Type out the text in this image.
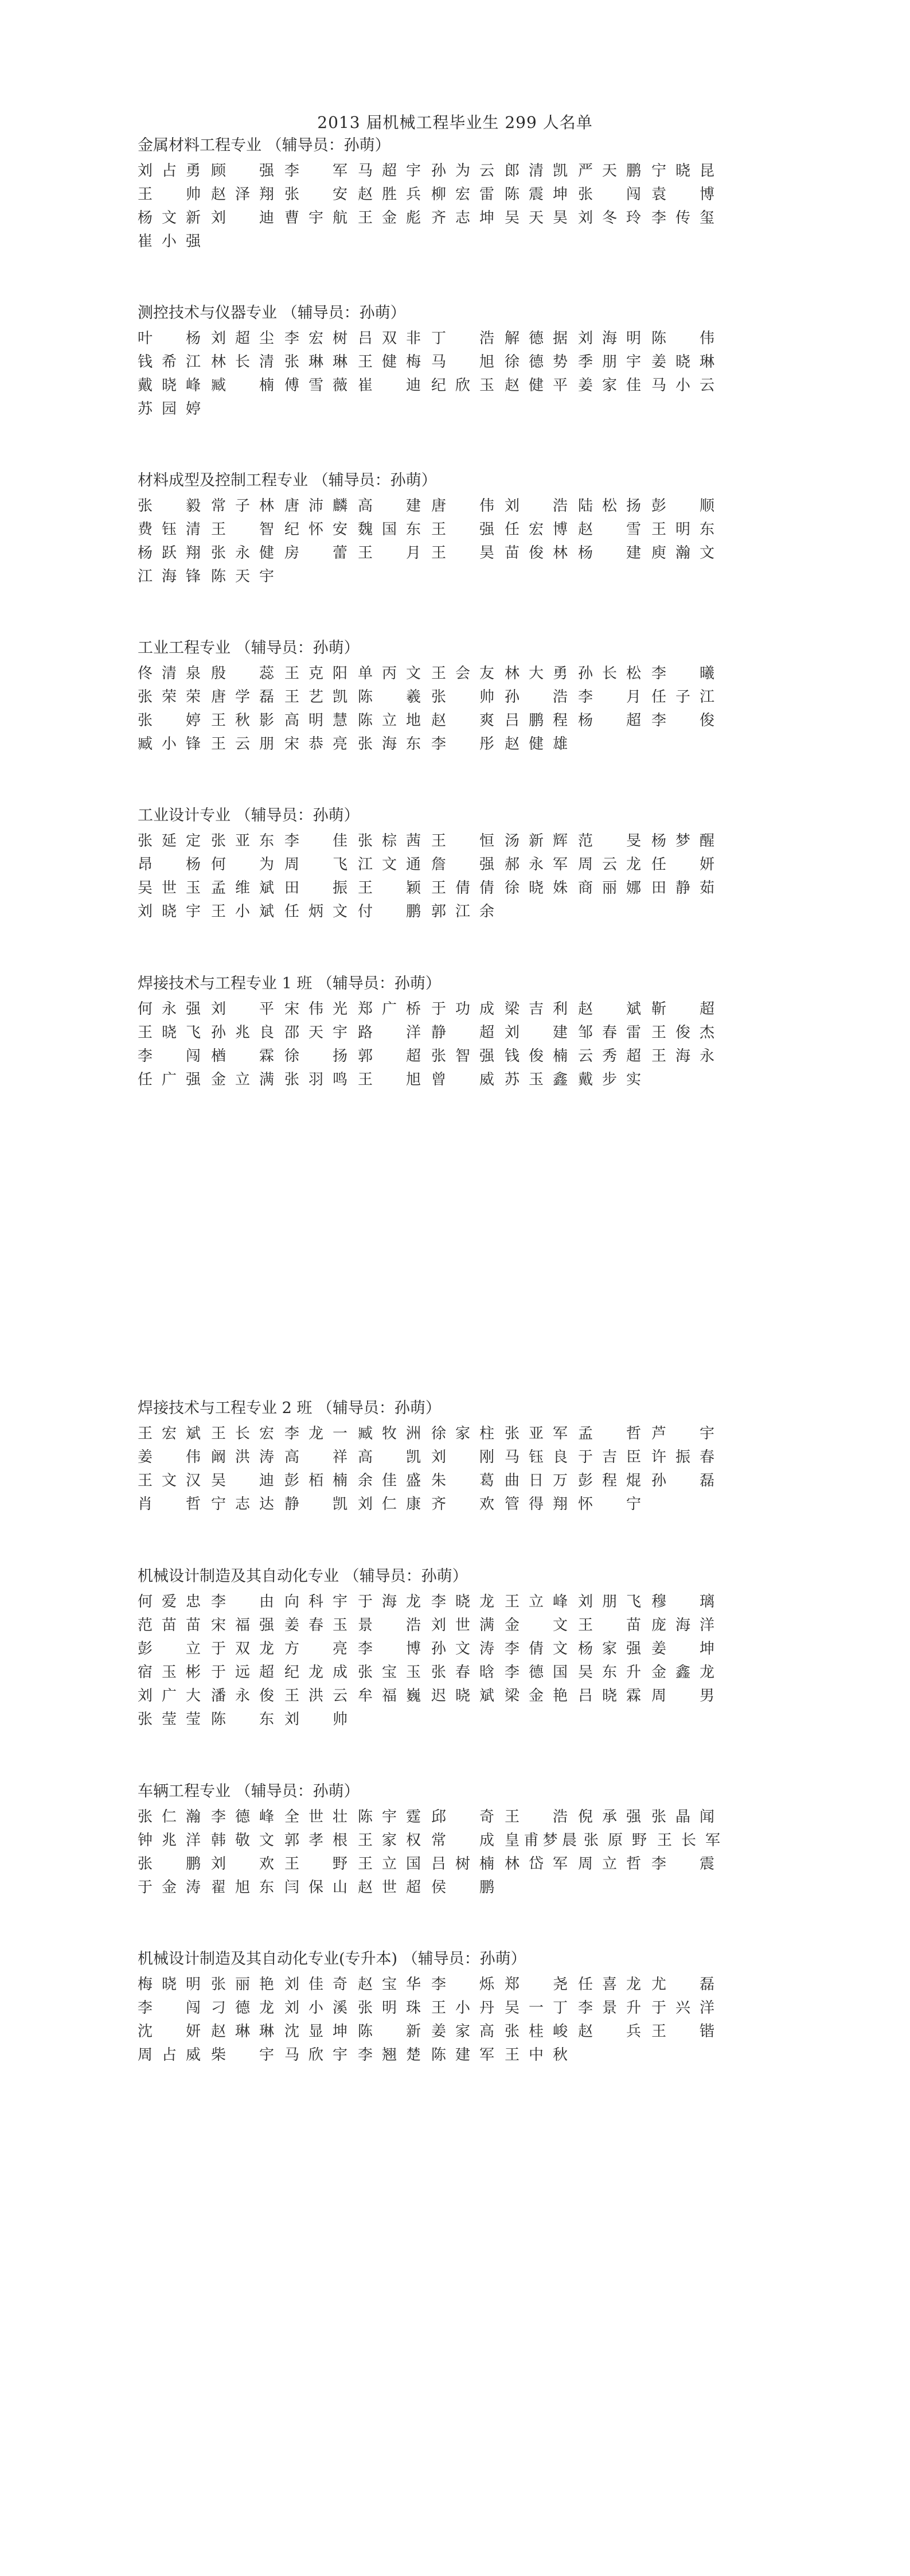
2013 届机械工程毕业生 299 人名单
金属材料工程专业 （辅导员：孙萌）
刘占勇 顾　强 李　军 马超宇 孙为云 郎清凯 严天鹏 宁晓昆
王　帅 赵泽翔 张　安 赵胜兵 柳宏雷 陈震坤 张　闯 袁　博
杨文新 刘　迪 曹宇航 王金彪 齐志坤 吴天昊 刘冬玲 李传玺
崔小强
测控技术与仪器专业 （辅导员：孙萌）
叶　杨 刘超尘 李宏树 吕双非 丁　浩 解德据 刘海明 陈　伟
钱希江 林长清 张琳琳 王健梅 马　旭 徐德势 季朋宇 姜晓琳
戴晓峰 臧　楠 傅雪薇 崔　迪 纪欣玉 赵健平 姜家佳 马小云
苏园婷
材料成型及控制工程专业 （辅导员：孙萌）
张　毅 常子林 唐沛麟 高　建 唐　伟 刘　浩 陆松扬 彭　顺
费钰清 王　智 纪怀安 魏国东 王　强 任宏博 赵　雪 王明东
杨跃翔 张永健 房　蕾 王　月 王　昊 苗俊林 杨　建 庾瀚文
江海锋 陈天宇
工业工程专业 （辅导员：孙萌）
佟清泉 殷　蕊 王克阳 单丙文 王会友 林大勇 孙长松 李　曦
张荣荣 唐学磊 王艺凯 陈　羲 张　帅 孙　浩 李　月 任子江
张　婷 王秋影 高明慧 陈立地 赵　爽 吕鹏程 杨　超 李　俊
臧小锋 王云朋 宋恭亮 张海东 李　彤 赵健雄
工业设计专业 （辅导员：孙萌）
张延定 张亚东 李　佳 张棕茜 王　恒 汤新辉 范　旻 杨梦醒
昂　杨 何　为 周　飞 江文通 詹　强 郝永军 周云龙 任　妍
吴世玉 孟维斌 田　振 王　颖 王倩倩 徐晓姝 商丽娜 田静茹
刘晓宇 王小斌 任炳文 付　鹏 郭江余
焊接技术与工程专业 1 班 （辅导员：孙萌）
何永强 刘　平 宋伟光 郑广桥 于功成 梁吉利 赵　斌 靳　超
王晓飞 孙兆良 邵天宇 路　洋 静　超 刘　建 邹春雷 王俊杰
李　闯 楢　霖 徐　扬 郭　超 张智强 钱俊楠 云秀超 王海永
任广强 金立满 张羽鸣 王　旭 曾　威 苏玉鑫 戴步实
焊接技术与工程专业 2 班 （辅导员：孙萌）
王宏斌 王长宏 李龙一 臧牧洲 徐家柱 张亚军 孟　哲 芦　宇
姜　伟 阚洪涛 高　祥 高　凯 刘　刚 马钰良 于吉臣 许振春
王文汉 吴　迪 彭栢楠 余佳盛 朱　葛 曲日万 彭程焜 孙　磊
肖　哲 宁志达 静　凯 刘仁康 齐　欢 管得翔 怀　宁
机械设计制造及其自动化专业 （辅导员：孙萌）
何爱忠 李　由 向科宇 于海龙 李晓龙 王立峰 刘朋飞 穆　璃
范苗苗 宋福强 姜春玉 景　浩 刘世满 金　文 王　苗 庞海洋
彭　立 于双龙 方　亮 李　博 孙文涛 李倩文 杨家强 姜　坤
宿玉彬 于远超 纪龙成 张宝玉 张春晗 李德国 吴东升 金鑫龙
刘广大 潘永俊 王洪云 牟福巍 迟晓斌 梁金艳 吕晓霖 周　男
张莹莹 陈　东 刘　帅
车辆工程专业 （辅导员：孙萌）
张仁瀚 李德峰 全世壮 陈宇霆 邱　奇 王　浩 倪承强 张晶闻
钟兆洋 韩敬文 郭孝根 王家权 常　成 皇甫梦晨 张原野 王长军
张　鹏 刘　欢 王　野 王立国 吕树楠 林岱军 周立哲 李　震
于金涛 翟旭东 闫保山 赵世超 侯　鹏
机械设计制造及其自动化专业(专升本) （辅导员：孙萌）
梅晓明 张丽艳 刘佳奇 赵宝华 李　烁 郑　尧 任喜龙 尤　磊
李　闯 刁德龙 刘小溪 张明珠 王小丹 吴一丁 李景升 于兴洋
沈　妍 赵琳琳 沈显坤 陈　新 姜家高 张桂峻 赵　兵 王　锴
周占威 柴　宇 马欣宇 李翘楚 陈建军 王中秋
